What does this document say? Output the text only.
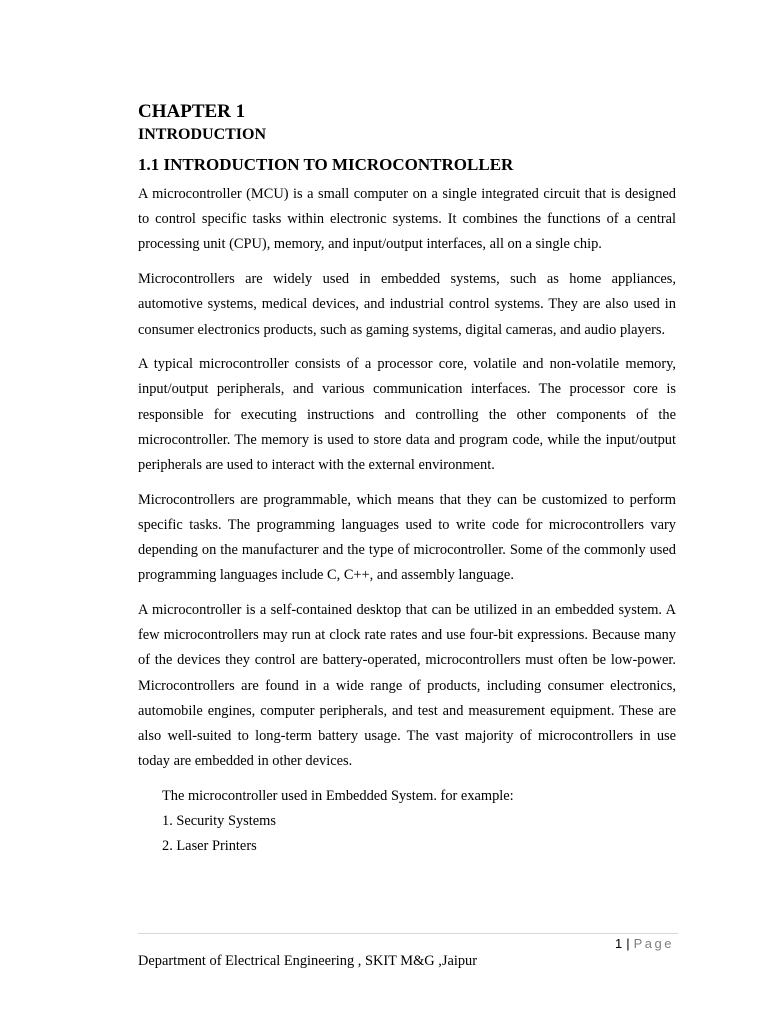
CHAPTER 1
INTRODUCTION
1.1 INTRODUCTION TO MICROCONTROLLER

A microcontroller (MCU) is a small computer on a single integrated circuit that is designed to control specific tasks within electronic systems. It combines the functions of a central processing unit (CPU), memory, and input/output interfaces, all on a single chip.

Microcontrollers are widely used in embedded systems, such as home appliances, automotive systems, medical devices, and industrial control systems. They are also used in consumer electronics products, such as gaming systems, digital cameras, and audio players.

A typical microcontroller consists of a processor core, volatile and non-volatile memory, input/output peripherals, and various communication interfaces. The processor core is responsible for executing instructions and controlling the other components of the microcontroller. The memory is used to store data and program code, while the input/output peripherals are used to interact with the external environment.

Microcontrollers are programmable, which means that they can be customized to perform specific tasks. The programming languages used to write code for microcontrollers vary depending on the manufacturer and the type of microcontroller. Some of the commonly used programming languages include C, C++, and assembly language.

A microcontroller is a self-contained desktop that can be utilized in an embedded system. A few microcontrollers may run at clock rate rates and use four-bit expressions. Because many of the devices they control are battery-operated, microcontrollers must often be low-power. Microcontrollers are found in a wide range of products, including consumer electronics, automobile engines, computer peripherals, and test and measurement equipment. These are also well-suited to long-term battery usage. The vast majority of microcontrollers in use today are embedded in other devices.

The microcontroller used in Embedded System. for example:

1. Security Systems

2. Laser Printers

1 | Page
Department of Electrical Engineering , SKIT M&G ,Jaipur
